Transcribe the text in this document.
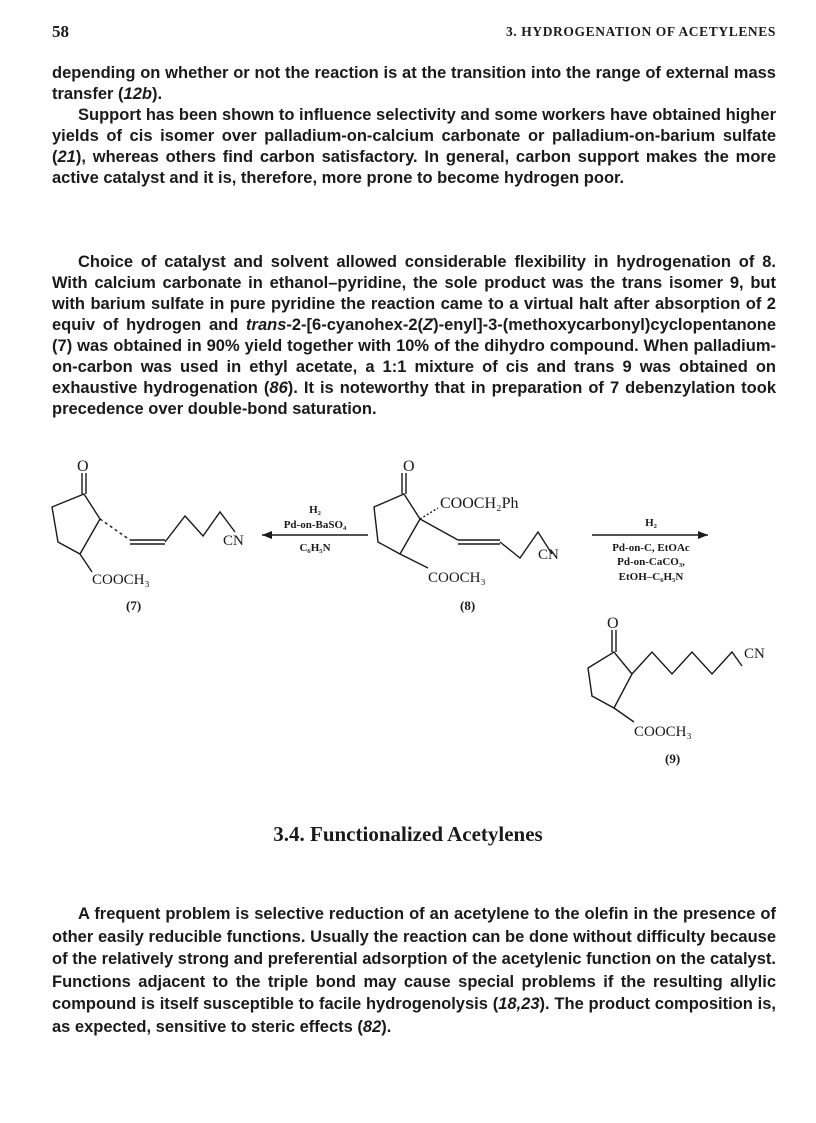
58	3. HYDROGENATION OF ACETYLENES

depending on whether or not the reaction is at the transition into the range of external mass transfer (12b).

Support has been shown to influence selectivity and some workers have obtained higher yields of cis isomer over palladium-on-calcium carbonate or palladium-on-barium sulfate (21), whereas others find carbon satisfactory. In general, carbon support makes the more active catalyst and it is, therefore, more prone to become hydrogen poor.

Choice of catalyst and solvent allowed considerable flexibility in hydrogenation of 8. With calcium carbonate in ethanol–pyridine, the sole product was the trans isomer 9, but with barium sulfate in pure pyridine the reaction came to a virtual halt after absorption of 2 equiv of hydrogen and trans-2-[6-cyanohex-2(Z)-enyl]-3-(methoxycarbonyl)cyclopentanone (7) was obtained in 90% yield together with 10% of the dihydro compound. When palladium-on-carbon was used in ethyl acetate, a 1:1 mixture of cis and trans 9 was obtained on exhaustive hydrogenation (86). It is noteworthy that in preparation of 7 debenzylation took precedence over double-bond saturation.

O
CN
COOCH₃
(7)
H₂
Pd-on-BaSO₄
C₆H₅N
O
COOCH₂Ph
CN
COOCH₃
(8)
H₂
Pd-on-C, EtOAc
Pd-on-CaCO₃,
EtOH–C₆H₅N
O
CN
COOCH₃
(9)
3.4. Functionalized Acetylenes

A frequent problem is selective reduction of an acetylene to the olefin in the presence of other easily reducible functions. Usually the reaction can be done without difficulty because of the relatively strong and preferential adsorption of the acetylenic function on the catalyst. Functions adjacent to the triple bond may cause special problems if the resulting allylic compound is itself susceptible to facile hydrogenolysis (18,23). The product composition is, as expected, sensitive to steric effects (82).
